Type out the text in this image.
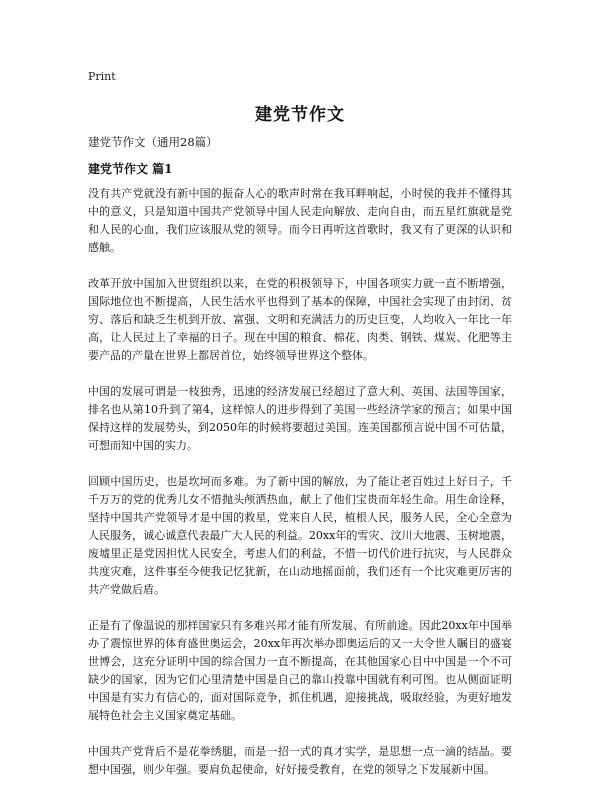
Print
建党节作文
建党节作文（通用28篇）
建党节作文 篇1

没有共产党就没有新中国的振奋人心的歌声时常在我耳畔响起，小时侯的我并不懂得其中的意义，只是知道中国共产党领导中国人民走向解放、走向自由，而五星红旗就是党和人民的心血，我们应该服从党的领导。而今日再听这首歌时，我又有了更深的认识和感触。

改革开放中国加入世贸组织以来，在党的积极领导下，中国各项实力就一直不断增强，国际地位也不断提高，人民生活水平也得到了基本的保障，中国社会实现了由封闭、贫穷、落后和缺乏生机到开放、富强、文明和充满活力的历史巨变，人均收入一年比一年高，让人民过上了幸福的日子。现在中国的粮食、棉花、肉类、钢铁、煤炭、化肥等主要产品的产量在世界上都居首位，始终领导世界这个整体。

中国的发展可谓是一枝独秀，迅速的经济发展已经超过了意大利、英国、法国等国家，排名也从第10升到了第4，这样惊人的进步得到了美国一些经济学家的预言；如果中国保持这样的发展势头，到2050年的时候将要超过美国。连美国都预言说中国不可估量，可想而知中国的实力。

回顾中国历史，也是坎坷而多难。为了新中国的解放，为了能让老百姓过上好日子，千千万万的党的优秀儿女不惜抛头颅洒热血，献上了他们宝贵而年轻生命。用生命诠释，坚持中国共产党领导才是中国的救星，党来自人民，植根人民，服务人民，全心全意为人民服务，诚心诚意代表最广大人民的利益。20xx年的雪灾、汶川大地震、玉树地震，废墟里正是党因担忧人民安全，考虑人们的利益，不惜一切代价进行抗灾，与人民群众共度灾难，这件事至今使我记忆犹新，在山动地摇面前，我们还有一个比灾难更厉害的共产党做后盾。

正是有了像温说的那样国家只有多难兴邦才能有所发展、有所前途。因此20xx年中国举办了震惊世界的体育盛世奥运会，20xx年再次举办即奥运后的又一大令世人瞩目的盛宴世博会，这充分证明中国的综合国力一直不断提高，在其他国家心目中中国是一个不可缺少的国家，因为它们心里清楚中国是自己的靠山投靠中国就有利可图。也从侧面证明中国是有实力有信心的，面对国际竞争，抓住机遇，迎接挑战，吸取经验，为更好地发展特色社会主义国家奠定基础。

中国共产党背后不是花拳绣腿，而是一招一式的真才实学，是思想一点一滴的结晶。要想中国强，则少年强。要肩负起使命，好好接受教育，在党的领导之下发展新中国。
